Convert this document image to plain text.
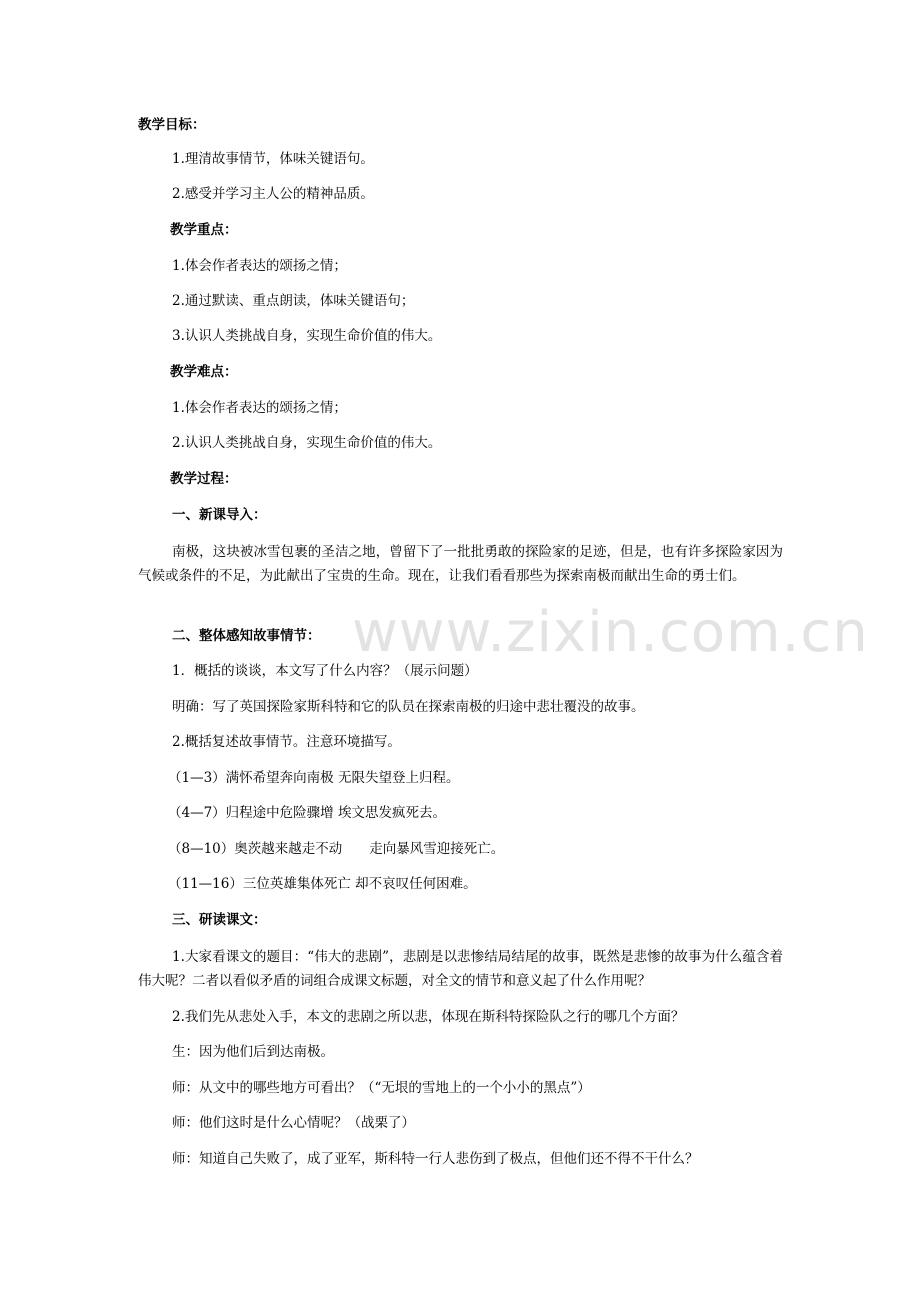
www.zixin.com.cn
教学目标：
1.理清故事情节，体味关键语句。
2.感受并学习主人公的精神品质。
教学重点：
1.体会作者表达的颂扬之情；
2.通过默读、重点朗读，体味关键语句；
3.认识人类挑战自身，实现生命价值的伟大。
教学难点：
1.体会作者表达的颂扬之情；
2.认识人类挑战自身，实现生命价值的伟大。
教学过程：
一、新课导入：
南极，这块被冰雪包裹的圣洁之地，曾留下了一批批勇敢的探险家的足迹，但是，也有许多探险家因为气候或条件的不足，为此献出了宝贵的生命。现在，让我们看看那些为探索南极而献出生命的勇士们。
二、整体感知故事情节：
1．概括的谈谈，本文写了什么内容？（展示问题）
明确：写了英国探险家斯科特和它的队员在探索南极的归途中悲壮覆没的故事。
2.概括复述故事情节。注意环境描写。
（1—3）满怀希望奔向南极 无限失望登上归程。
（4—7）归程途中危险骤增 埃文思发疯死去。
（8—10）奥茨越来越走不动　　走向暴风雪迎接死亡。
（11—16）三位英雄集体死亡 却不哀叹任何困难。
三、研读课文：
1.大家看课文的题目：“伟大的悲剧”，悲剧是以悲惨结局结尾的故事，既然是悲惨的故事为什么蕴含着伟大呢？二者以看似矛盾的词组合成课文标题，对全文的情节和意义起了什么作用呢？
2.我们先从悲处入手，本文的悲剧之所以悲，体现在斯科特探险队之行的哪几个方面？
生：因为他们后到达南极。
师：从文中的哪些地方可看出？（“无垠的雪地上的一个小小的黑点”）
师：他们这时是什么心情呢？（战栗了）
师：知道自己失败了，成了亚军，斯科特一行人悲伤到了极点，但他们还不得不干什么？
